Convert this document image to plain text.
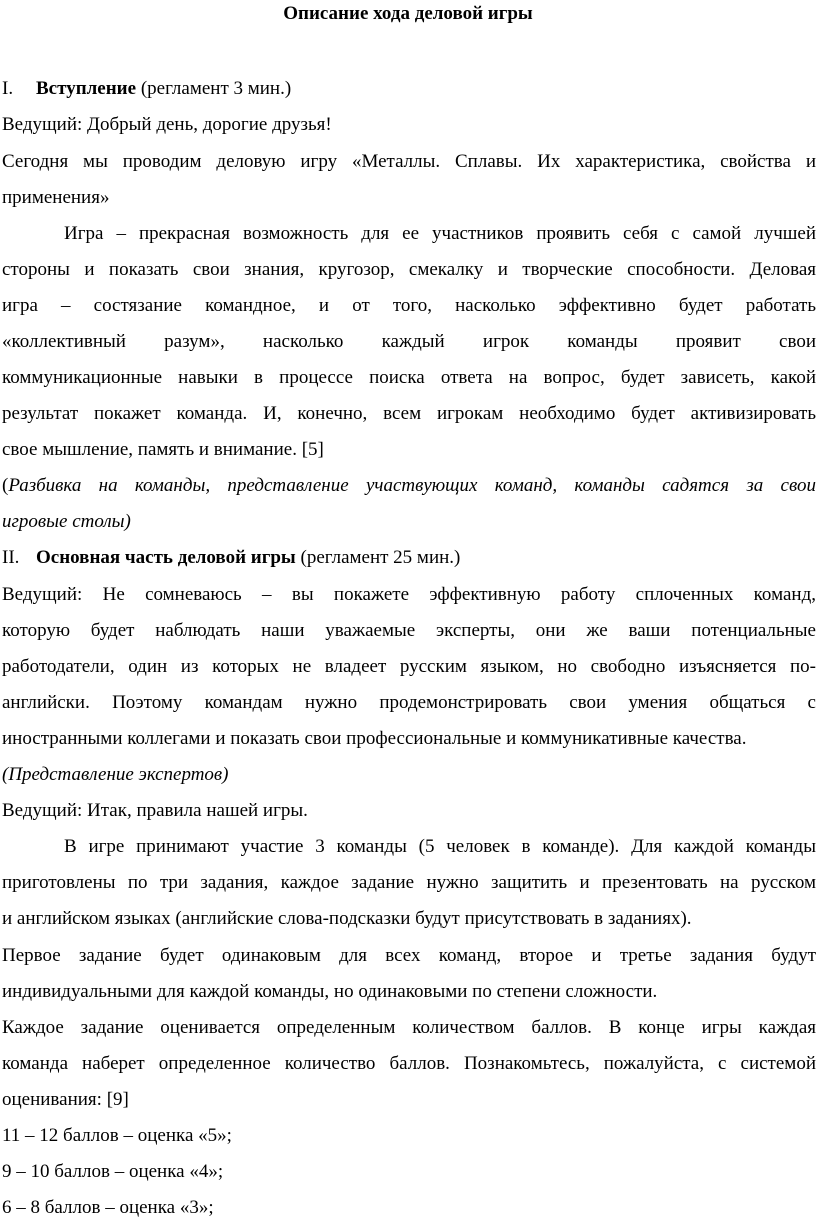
Описание хода деловой игры
I. Вступление (регламент 3 мин.)
Ведущий: Добрый день, дорогие друзья!
Сегодня мы проводим деловую игру «Металлы. Сплавы. Их характеристика, свойства и
применения»
Игра – прекрасная возможность для ее участников проявить себя с самой лучшей
стороны и показать свои знания, кругозор, смекалку и творческие способности. Деловая
игра – состязание командное, и от того, насколько эффективно будет работать
«коллективный разум», насколько каждый игрок команды проявит свои
коммуникационные навыки в процессе поиска ответа на вопрос, будет зависеть, какой
результат покажет команда. И, конечно, всем игрокам необходимо будет активизировать
свое мышление, память и внимание. [5]
(Разбивка на команды, представление участвующих команд, команды садятся за свои
игровые столы)
II. Основная часть деловой игры (регламент 25 мин.)
Ведущий: Не сомневаюсь – вы покажете эффективную работу сплоченных команд,
которую будет наблюдать наши уважаемые эксперты, они же ваши потенциальные
работодатели, один из которых не владеет русским языком, но свободно изъясняется по-
английски. Поэтому командам нужно продемонстрировать свои умения общаться с
иностранными коллегами и показать свои профессиональные и коммуникативные качества.
(Представление экспертов)
Ведущий: Итак, правила нашей игры.
В игре принимают участие 3 команды (5 человек в команде). Для каждой команды
приготовлены по три задания, каждое задание нужно защитить и презентовать на русском
и английском языках (английские слова-подсказки будут присутствовать в заданиях).
Первое задание будет одинаковым для всех команд, второе и третье задания будут
индивидуальными для каждой команды, но одинаковыми по степени сложности.
Каждое задание оценивается определенным количеством баллов. В конце игры каждая
команда наберет определенное количество баллов. Познакомьтесь, пожалуйста, с системой
оценивания: [9]
11 – 12 баллов – оценка «5»;
9 – 10 баллов – оценка «4»;
6 – 8 баллов – оценка «3»;
